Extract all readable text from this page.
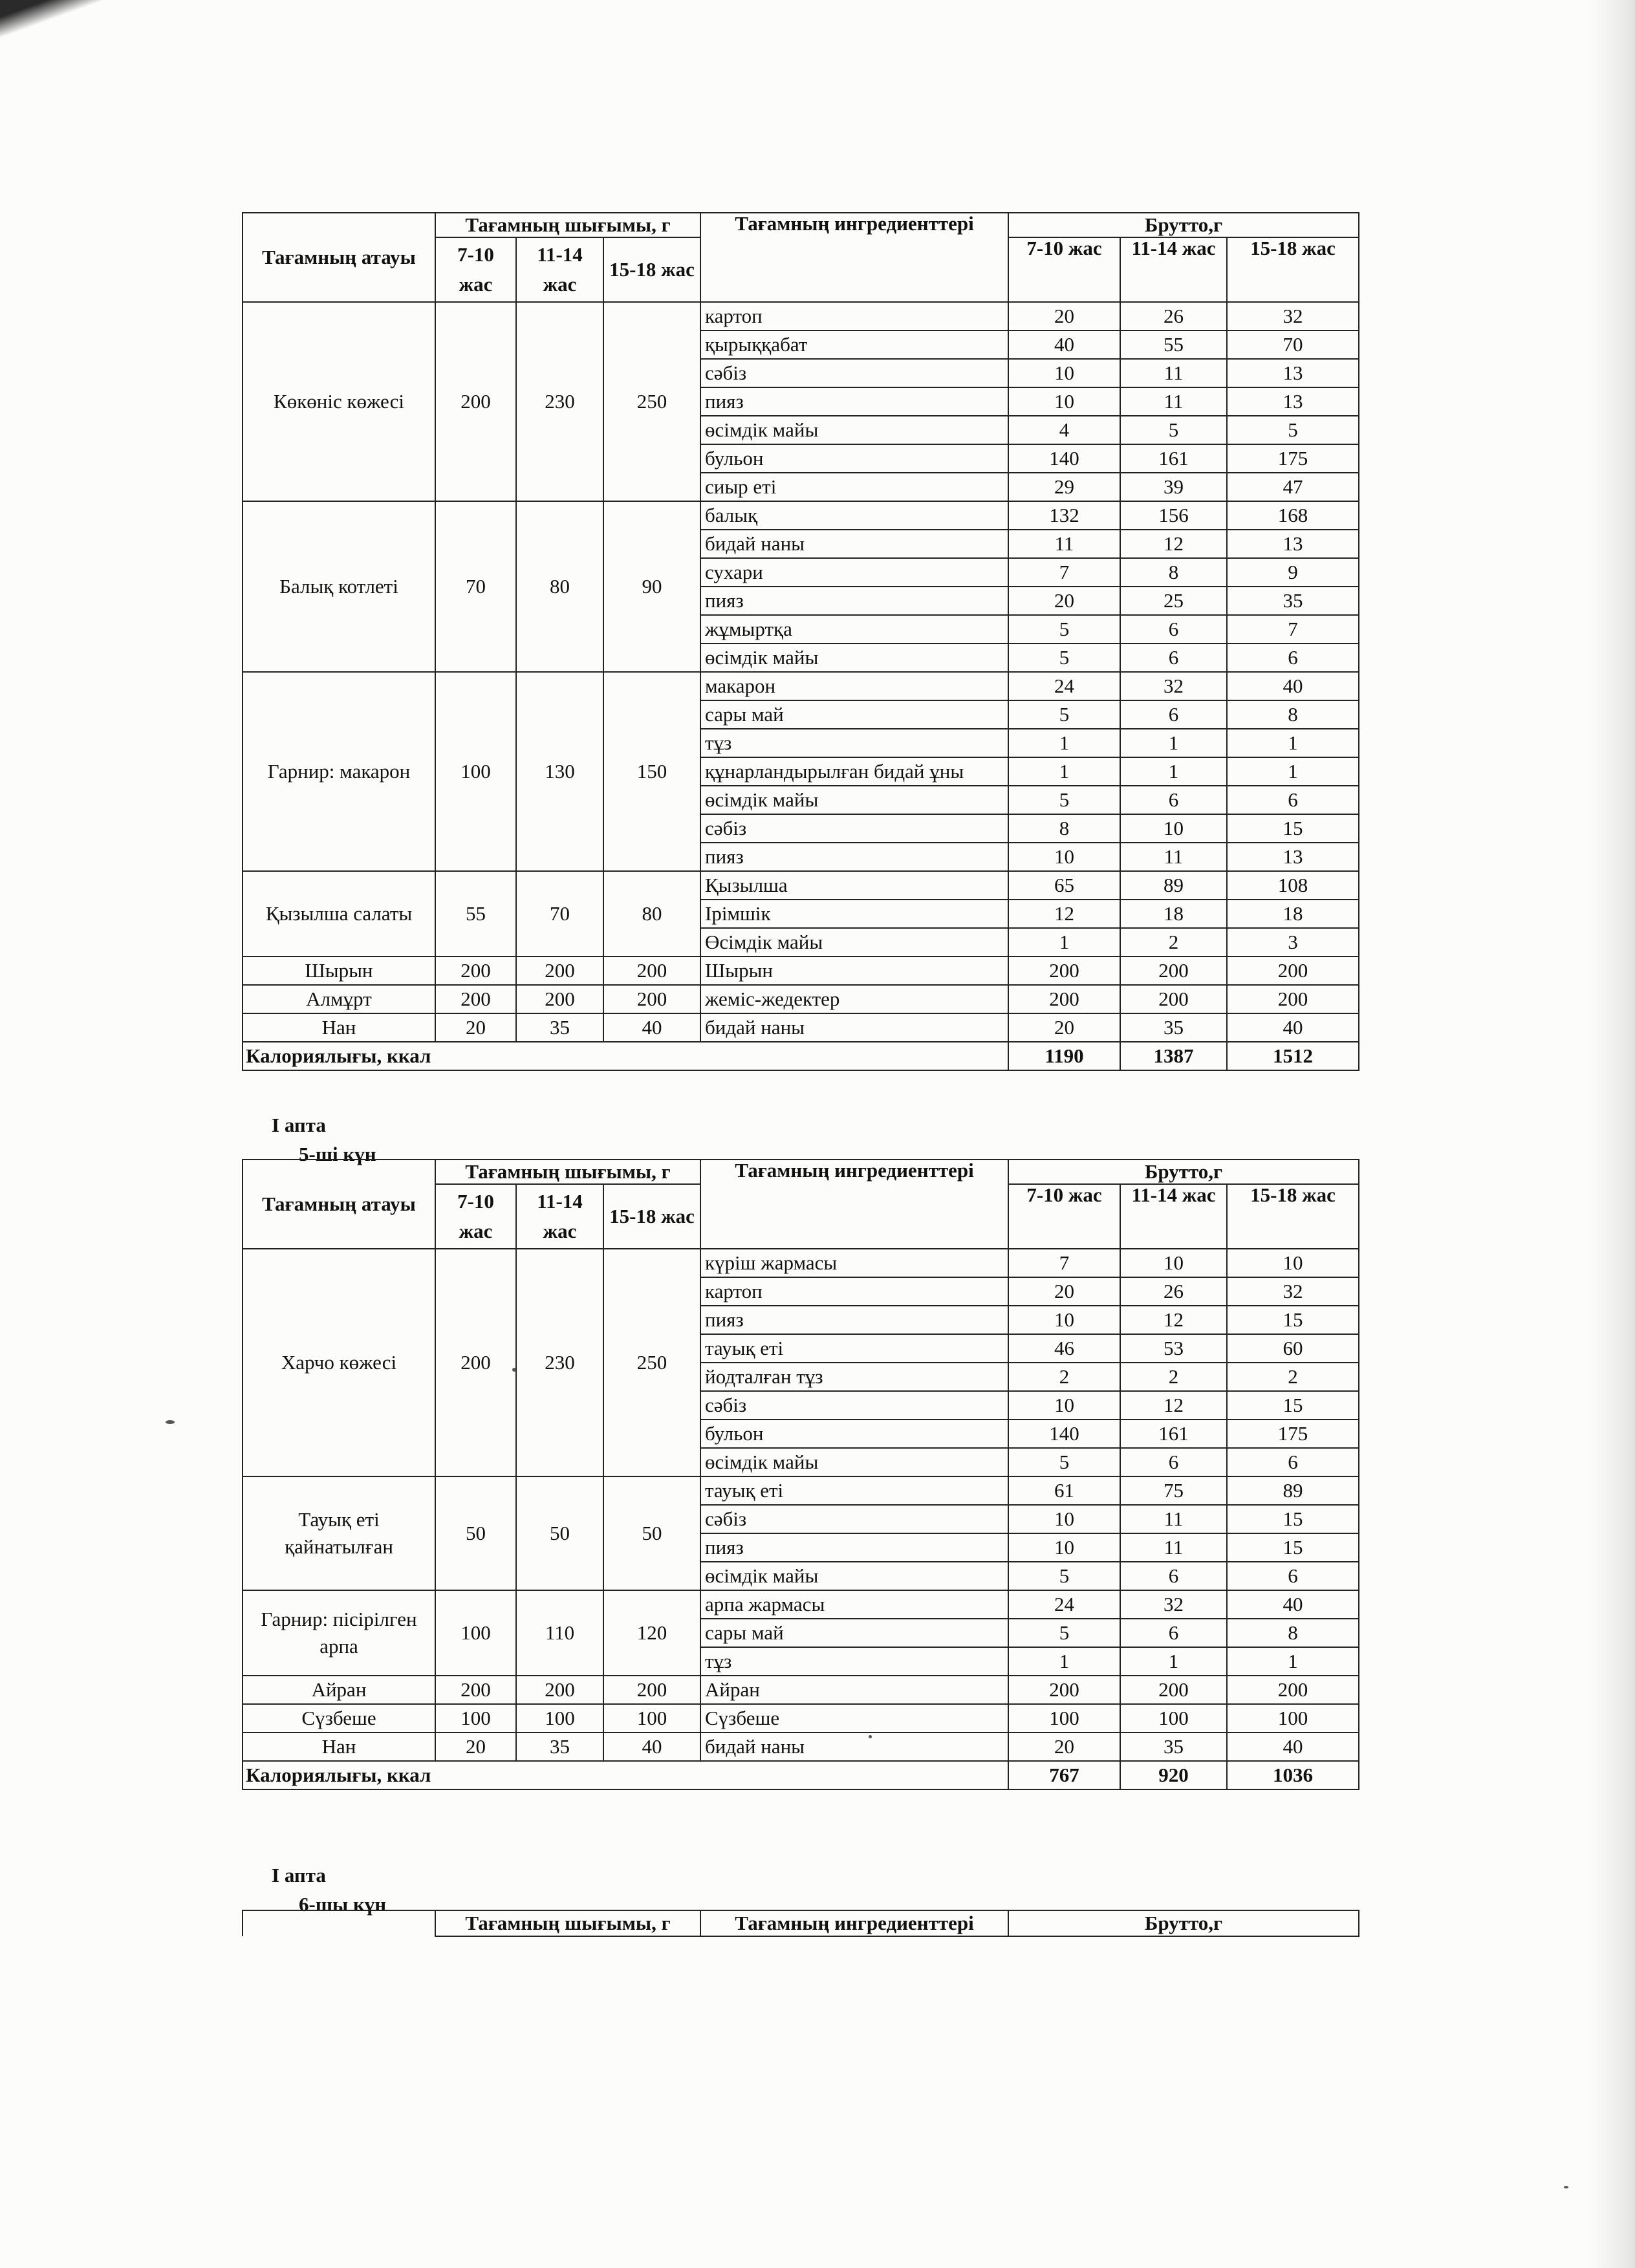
Тағамның атауы	Тағамның шығымы, г			Тағамның ингредиенттері	Брутто,г		
	7-10 жас	11-14 жас	15-18 жас		7-10 жас	11-14 жас	15-18 жас
Көкөніс көжесі	200	230	250	картоп	20	26	32
				қырыққабат	40	55	70
				сәбіз	10	11	13
				пияз	10	11	13
				өсімдік майы	4	5	5
				бульон	140	161	175
				сиыр еті	29	39	47
Балық котлеті	70	80	90	балық	132	156	168
				бидай наны	11	12	13
				сухари	7	8	9
				пияз	20	25	35
				жұмыртқа	5	6	7
				өсімдік майы	5	6	6
Гарнир: макарон	100	130	150	макарон	24	32	40
				сары май	5	6	8
				тұз	1	1	1
				құнарландырылған бидай ұны	1	1	1
				өсімдік майы	5	6	6
				сәбіз	8	10	15
				пияз	10	11	13
Қызылша салаты	55	70	80	Қызылша	65	89	108
				Ірімшік	12	18	18
				Өсімдік майы	1	2	3
Шырын	200	200	200	Шырын	200	200	200
Алмұрт	200	200	200	жеміс-жедектер	200	200	200
Нан	20	35	40	бидай наны	20	35	40
Калориялығы, ккал					1190	1387	1512
І апта
5-ші күн
Тағамның атауы	Тағамның шығымы, г			Тағамның ингредиенттері	Брутто,г		
	7-10 жас	11-14 жас	15-18 жас		7-10 жас	11-14 жас	15-18 жас
Харчо көжесі	200	230	250	күріш жармасы	7	10	10
				картоп	20	26	32
				пияз	10	12	15
				тауық еті	46	53	60
				йодталған тұз	2	2	2
				сәбіз	10	12	15
				бульон	140	161	175
				өсімдік майы	5	6	6
Тауық еті қайнатылған	50	50	50	тауық еті	61	75	89
				сәбіз	10	11	15
				пияз	10	11	15
				өсімдік майы	5	6	6
Гарнир: пісірілген арпа	100	110	120	арпа жармасы	24	32	40
				сары май	5	6	8
				тұз	1	1	1
Айран	200	200	200	Айран	200	200	200
Сүзбеше	100	100	100	Сүзбеше	100	100	100
Нан	20	35	40	бидай наны	20	35	40
Калориялығы, ккал					767	920	1036
І апта
6-шы күн
	Тағамның шығымы, г	Тағамның ингредиенттері	Брутто,г
